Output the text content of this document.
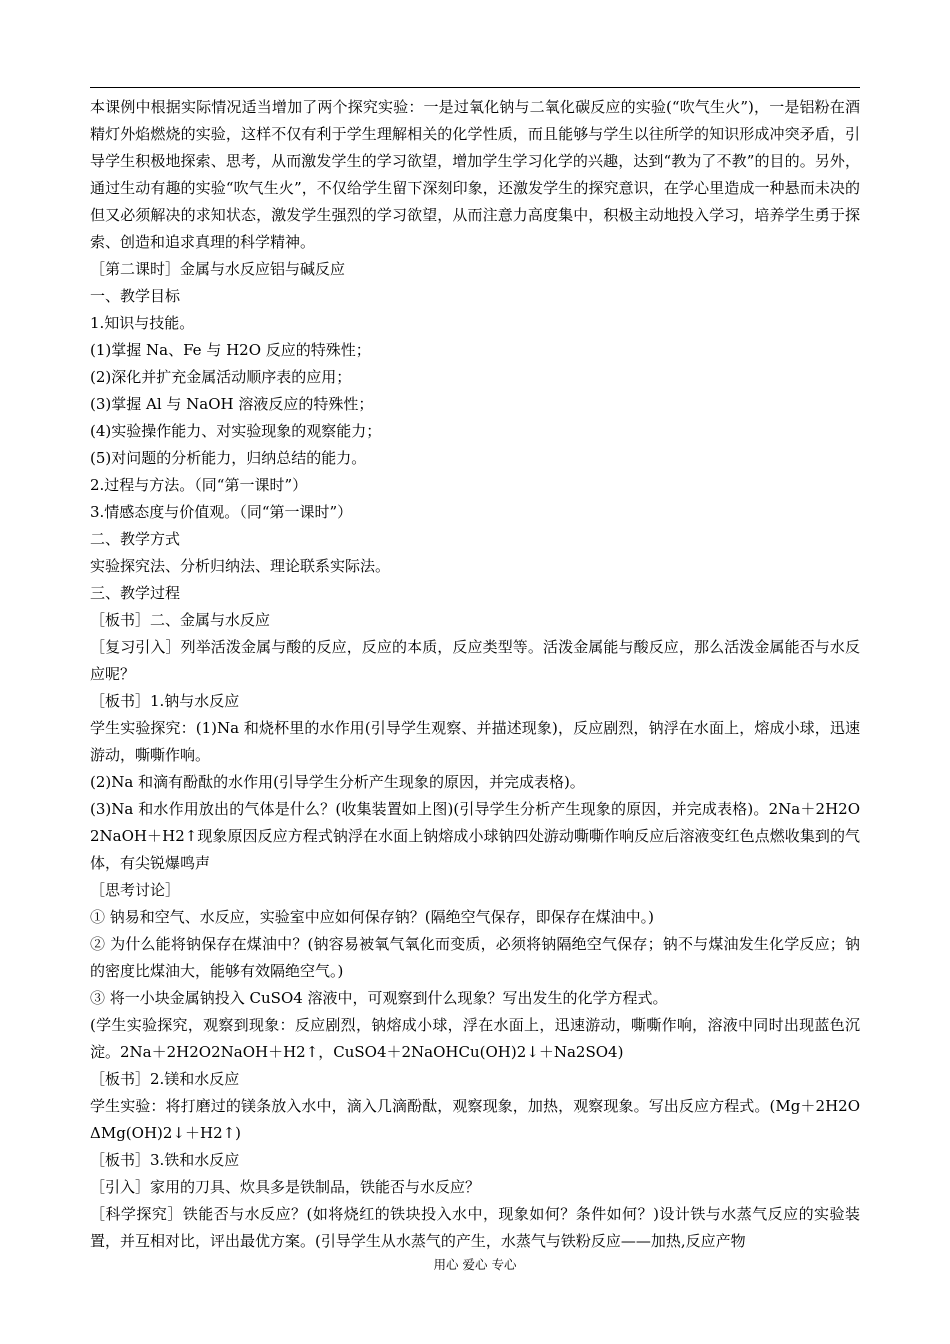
本课例中根据实际情况适当增加了两个探究实验：一是过氧化钠与二氧化碳反应的实验(“吹气生火”)，一是铝粉在酒精灯外焰燃烧的实验，这样不仅有利于学生理解相关的化学性质，而且能够与学生以往所学的知识形成冲突矛盾，引导学生积极地探索、思考，从而激发学生的学习欲望，增加学生学习化学的兴趣，达到“教为了不教”的目的。另外，通过生动有趣的实验“吹气生火”，不仅给学生留下深刻印象，还激发学生的探究意识，在学心里造成一种悬而未决的但又必须解决的求知状态，激发学生强烈的学习欲望，从而注意力高度集中，积极主动地投入学习，培养学生勇于探索、创造和追求真理的科学精神。

［第二课时］金属与水反应铝与碱反应

一、教学目标

1.知识与技能。

(1)掌握 Na、Fe 与 H2O 反应的特殊性；

(2)深化并扩充金属活动顺序表的应用；

(3)掌握 Al 与 NaOH 溶液反应的特殊性；

(4)实验操作能力、对实验现象的观察能力；

(5)对问题的分析能力，归纳总结的能力。

2.过程与方法。（同“第一课时”）

3.情感态度与价值观。（同“第一课时”）

二、教学方式

实验探究法、分析归纳法、理论联系实际法。

三、教学过程

［板书］二、金属与水反应

［复习引入］列举活泼金属与酸的反应，反应的本质，反应类型等。活泼金属能与酸反应，那么活泼金属能否与水反应呢？

［板书］1.钠与水反应

学生实验探究：(1)Na 和烧杯里的水作用(引导学生观察、并描述现象)，反应剧烈，钠浮在水面上，熔成小球，迅速游动，嘶嘶作响。

(2)Na 和滴有酚酞的水作用(引导学生分析产生现象的原因，并完成表格)。

(3)Na 和水作用放出的气体是什么？(收集装置如上图)(引导学生分析产生现象的原因，并完成表格)。2Na＋2H2O2NaOH＋H2↑现象原因反应方程式钠浮在水面上钠熔成小球钠四处游动嘶嘶作响反应后溶液变红色点燃收集到的气体，有尖锐爆鸣声

［思考讨论］

① 钠易和空气、水反应，实验室中应如何保存钠？(隔绝空气保存，即保存在煤油中。)

② 为什么能将钠保存在煤油中？(钠容易被氧气氧化而变质，必须将钠隔绝空气保存；钠不与煤油发生化学反应；钠的密度比煤油大，能够有效隔绝空气。)

③ 将一小块金属钠投入 CuSO4 溶液中，可观察到什么现象？写出发生的化学方程式。

(学生实验探究，观察到现象：反应剧烈，钠熔成小球，浮在水面上，迅速游动，嘶嘶作响，溶液中同时出现蓝色沉淀。2Na＋2H2O2NaOH＋H2↑，CuSO4＋2NaOHCu(OH)2↓＋Na2SO4)

［板书］2.镁和水反应

学生实验：将打磨过的镁条放入水中，滴入几滴酚酞，观察现象，加热，观察现象。写出反应方程式。(Mg＋2H2OΔMg(OH)2↓＋H2↑)

［板书］3.铁和水反应

［引入］家用的刀具、炊具多是铁制品，铁能否与水反应？

［科学探究］铁能否与水反应？(如将烧红的铁块投入水中，现象如何？条件如何？)设计铁与水蒸气反应的实验装置，并互相对比，评出最优方案。(引导学生从水蒸气的产生，水蒸气与铁粉反应——加热,反应产物

用心 爱心 专心
